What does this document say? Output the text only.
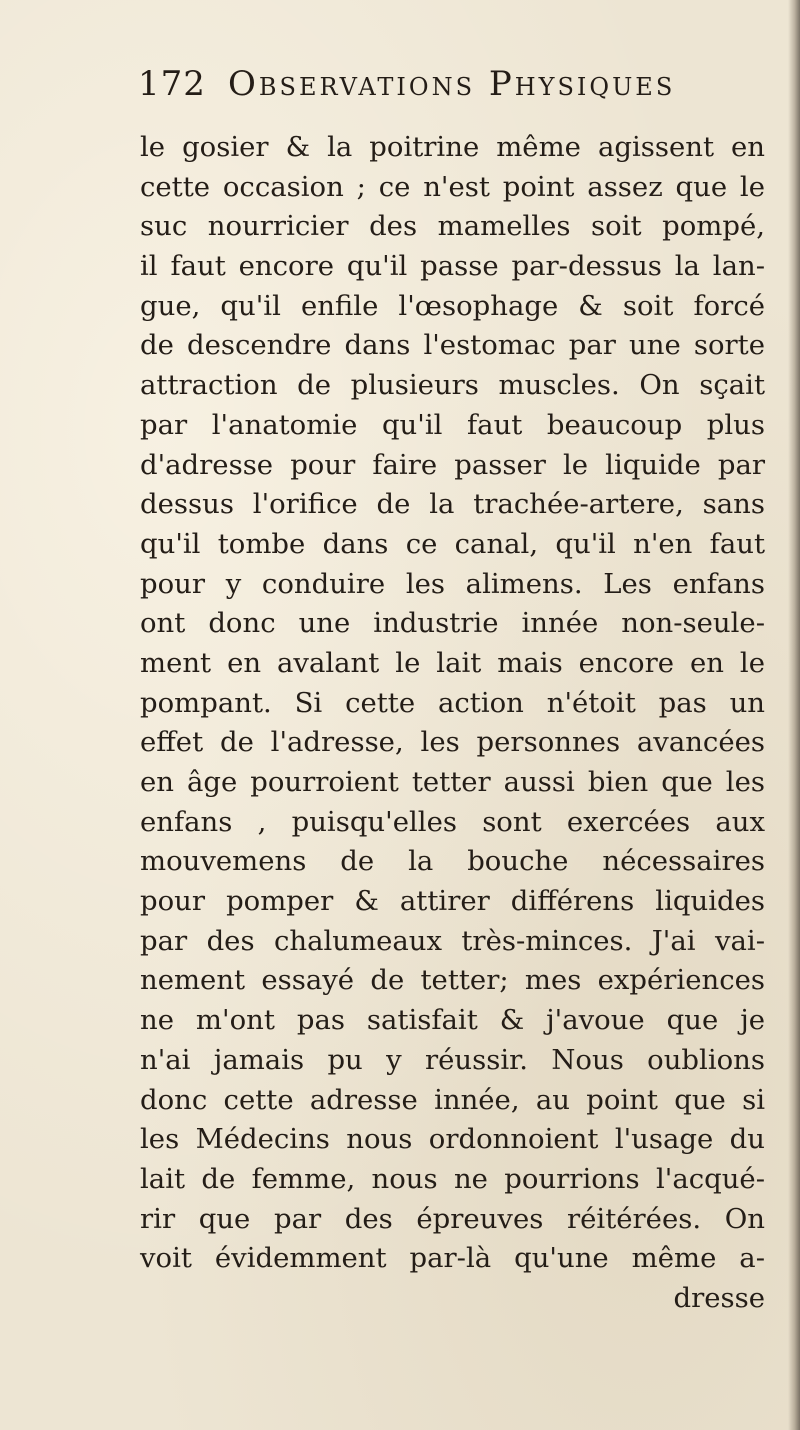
172 Observations Physiques
le gosier & la poitrine même agissent en
cette occasion ; ce n'est point assez que le
suc nourricier des mamelles soit pompé,
il faut encore qu'il passe par-dessus la lan-
gue, qu'il enfile l'œsophage & soit forcé
de descendre dans l'estomac par une sorte
attraction de plusieurs muscles. On sçait
par l'anatomie qu'il faut beaucoup plus
d'adresse pour faire passer le liquide par
dessus l'orifice de la trachée-artere, sans
qu'il tombe dans ce canal, qu'il n'en faut
pour y conduire les alimens. Les enfans
ont donc une industrie innée non-seule-
ment en avalant le lait mais encore en le
pompant. Si cette action n'étoit pas un
effet de l'adresse, les personnes avancées
en âge pourroient tetter aussi bien que les
enfans , puisqu'elles sont exercées aux
mouvemens de la bouche nécessaires
pour pomper & attirer différens liquides
par des chalumeaux très-minces. J'ai vai-
nement essayé de tetter; mes expériences
ne m'ont pas satisfait & j'avoue que je
n'ai jamais pu y réussir. Nous oublions
donc cette adresse innée, au point que si
les Médecins nous ordonnoient l'usage du
lait de femme, nous ne pourrions l'acqué-
rir que par des épreuves réitérées. On
voit évidemment par-là qu'une même a-
dresse
